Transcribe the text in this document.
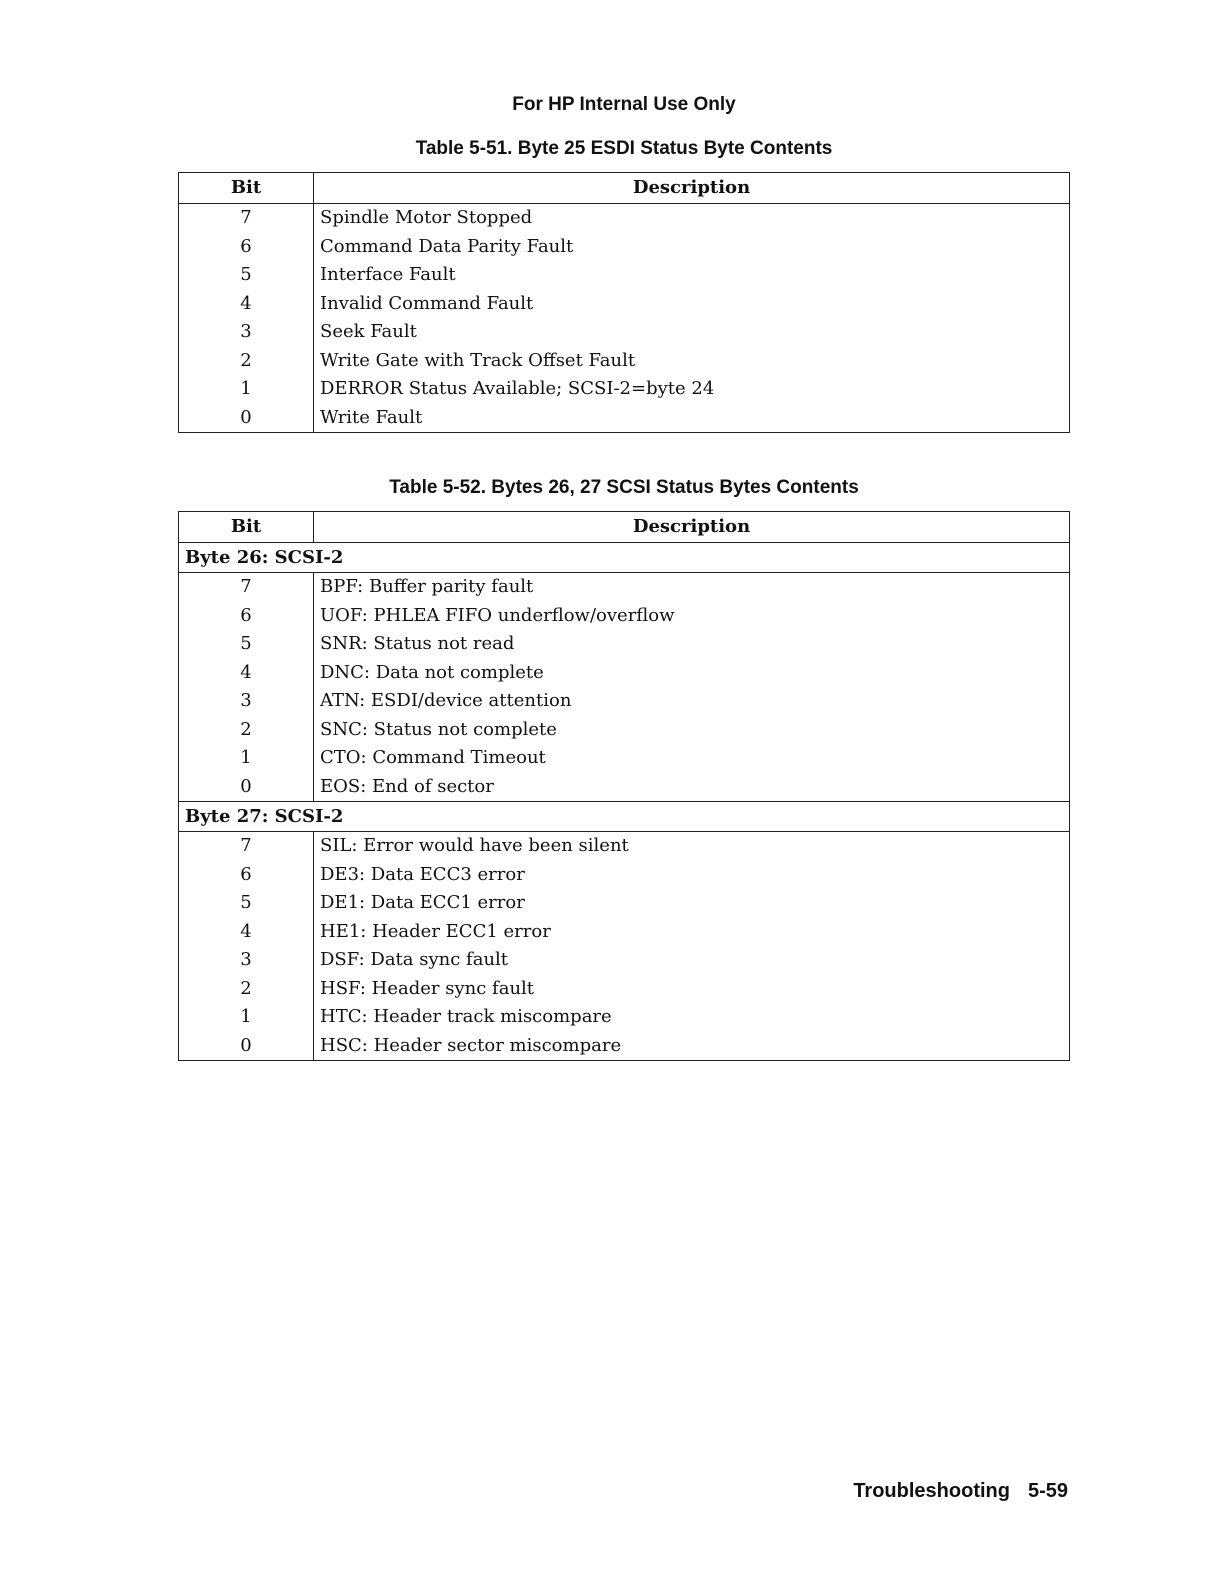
For HP Internal Use Only
Table 5-51. Byte 25 ESDI Status Byte Contents
Bit	Description
7	Spindle Motor Stopped
6	Command Data Parity Fault
5	Interface Fault
4	Invalid Command Fault
3	Seek Fault
2	Write Gate with Track Offset Fault
1	DERROR Status Available; SCSI-2=byte 24
0	Write Fault
Table 5-52. Bytes 26, 27 SCSI Status Bytes Contents
Bit	Description
Byte 26: SCSI-2	
7	BPF: Buffer parity fault
6	UOF: PHLEA FIFO underflow/overflow
5	SNR: Status not read
4	DNC: Data not complete
3	ATN: ESDI/device attention
2	SNC: Status not complete
1	CTO: Command Timeout
0	EOS: End of sector
Byte 27: SCSI-2	
7	SIL: Error would have been silent
6	DE3: Data ECC3 error
5	DE1: Data ECC1 error
4	HE1: Header ECC1 error
3	DSF: Data sync fault
2	HSF: Header sync fault
1	HTC: Header track miscompare
0	HSC: Header sector miscompare
Troubleshooting 5-59
